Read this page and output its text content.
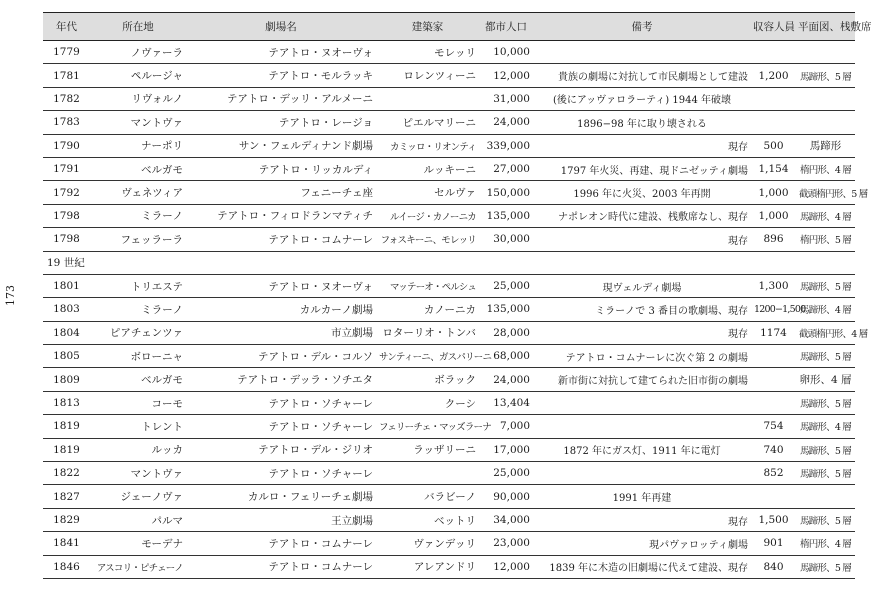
173
年代	所在地	劇場名	建築家	都市人口	備考	収容人員	平面図、桟敷席
1779	ノヴァーラ	テアトロ・ヌオーヴォ	モレッリ	10,000			
1781	ペルージャ	テアトロ・モルラッキ	ロレンツィーニ	12,000	貴族の劇場に対抗して市民劇場として建設	1,200	馬蹄形、5 層
1782	リヴォルノ	テアトロ・デッリ・アルメーニ		31,000	(後にアッヴァロラーティ) 1944 年破壊		
1783	マントヴァ	テアトロ・レージョ	ピエルマリーニ	24,000	1896−98 年に取り壊される		
1790	ナーポリ	サン・フェルディナンド劇場	カミッロ・リオンティ	339,000	現存	500	馬蹄形
1791	ベルガモ	テアトロ・リッカルディ	ルッキーニ	27,000	1797 年火災、再建、現ドニゼッティ劇場	1,154	楕円形、4 層
1792	ヴェネツィア	フェニーチェ座	セルヴァ	150,000	1996 年に火災、2003 年再開	1,000	截頭楕円形、5 層
1798	ミラーノ	テアトロ・フィロドランマティチ	ルイージ・カノーニカ	135,000	ナポレオン時代に建設、桟敷席なし、現存	1,000	馬蹄形、4 層
1798	フェッラーラ	テアトロ・コムナーレ	フォスキーニ、モレッリ	30,000	現存	896	楕円形、5 層
19 世紀							
1801	トリエステ	テアトロ・ヌオーヴォ	マッテーオ・ペルシュ	25,000	現ヴェルディ劇場	1,300	馬蹄形、5 層
1803	ミラーノ	カルカーノ劇場	カノーニカ	135,000	ミラーノで 3 番目の歌劇場、現存	1200−1,500	馬蹄形、4 層
1804	ピアチェンツァ	市立劇場	ロターリオ・トンバ	28,000	現存	1174	截頭楕円形、4 層
1805	ボローニャ	テアトロ・デル・コルソ	サンティーニ、ガスパリーニ	68,000	テアトロ・コムナーレに次ぐ第 2 の劇場		馬蹄形、5 層
1809	ベルガモ	テアトロ・デッラ・ソチエタ	ボラック	24,000	新市街に対抗して建てられた旧市街の劇場		卵形、4 層
1813	コーモ	テアトロ・ソチャーレ	クーシ	13,404			馬蹄形、5 層
1819	トレント	テアトロ・ソチャーレ	フェリーチェ・マッズラーナ	7,000		754	馬蹄形、4 層
1819	ルッカ	テアトロ・デル・ジリオ	ラッザリーニ	17,000	1872 年にガス灯、1911 年に電灯	740	馬蹄形、5 層
1822	マントヴァ	テアトロ・ソチャーレ		25,000		852	馬蹄形、5 層
1827	ジェーノヴァ	カルロ・フェリーチェ劇場	バラビーノ	90,000	1991 年再建		
1829	パルマ	王立劇場	ベットリ	34,000	現存	1,500	馬蹄形、5 層
1841	モーデナ	テアトロ・コムナーレ	ヴァンデッリ	23,000	現パヴァロッティ劇場	901	楕円形、4 層
1846	アスコリ・ピチェーノ	テアトロ・コムナーレ	アレアンドリ	12,000	1839 年に木造の旧劇場に代えて建設、現存	840	馬蹄形、5 層
